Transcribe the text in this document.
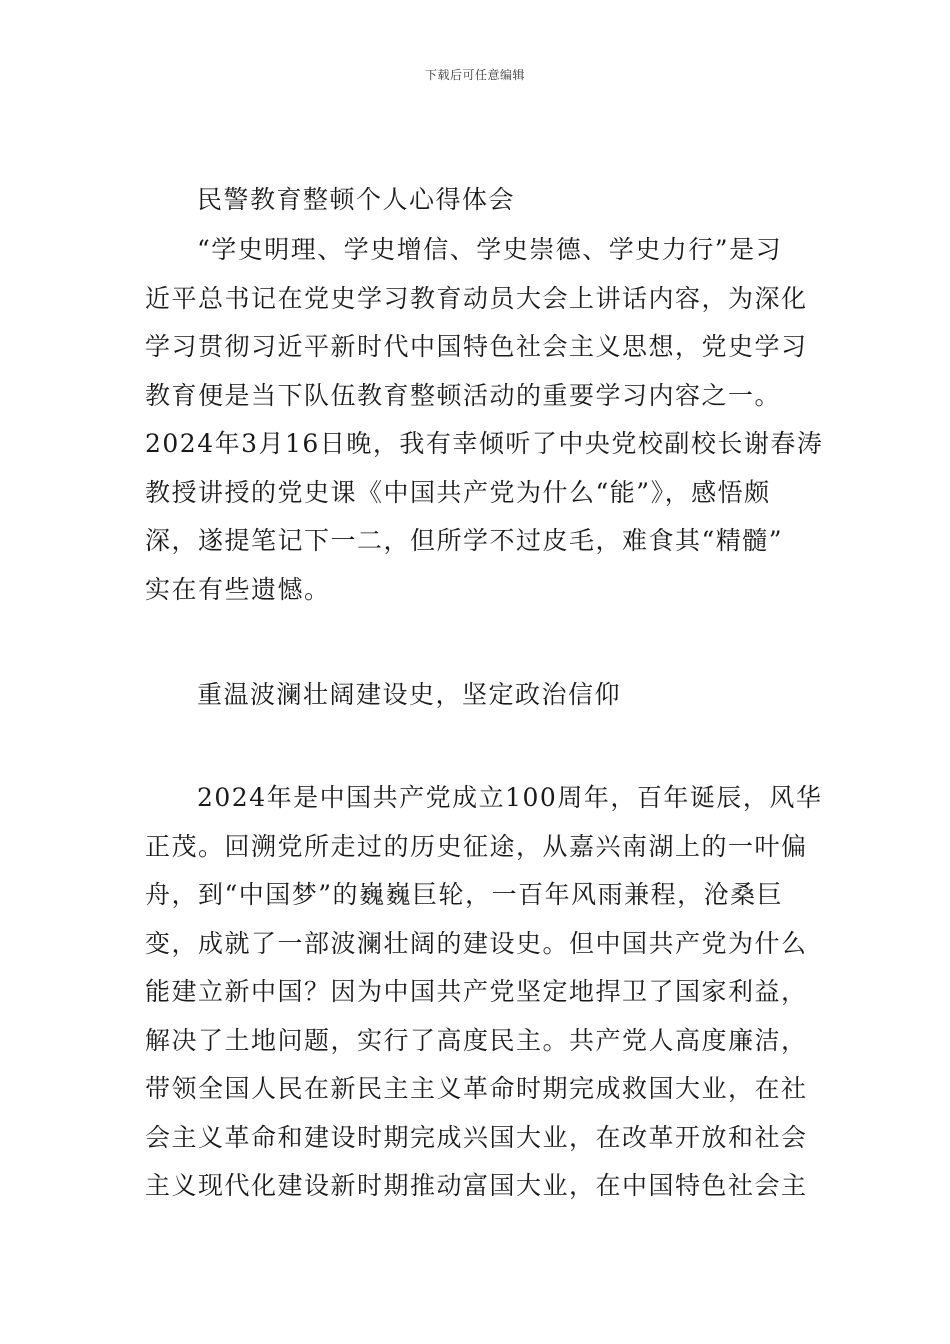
下载后可任意编辑
民警教育整顿个人心得体会
“学史明理、学史增信、学史崇德、学史力行”是习
近平总书记在党史学习教育动员大会上讲话内容，为深化
学习贯彻习近平新时代中国特色社会主义思想，党史学习
教育便是当下队伍教育整顿活动的重要学习内容之一。
2024年3月16日晚，我有幸倾听了中央党校副校长谢春涛
教授讲授的党史课《中国共产党为什么“能”》，感悟颇
深，遂提笔记下一二，但所学不过皮毛，难食其“精髓”
实在有些遗憾。
重温波澜壮阔建设史，坚定政治信仰
2024年是中国共产党成立100周年，百年诞辰，风华
正茂。回溯党所走过的历史征途，从嘉兴南湖上的一叶偏
舟，到“中国梦”的巍巍巨轮，一百年风雨兼程，沧桑巨
变，成就了一部波澜壮阔的建设史。但中国共产党为什么
能建立新中国？因为中国共产党坚定地捍卫了国家利益，
解决了土地问题，实行了高度民主。共产党人高度廉洁，
带领全国人民在新民主主义革命时期完成救国大业，在社
会主义革命和建设时期完成兴国大业，在改革开放和社会
主义现代化建设新时期推动富国大业，在中国特色社会主
